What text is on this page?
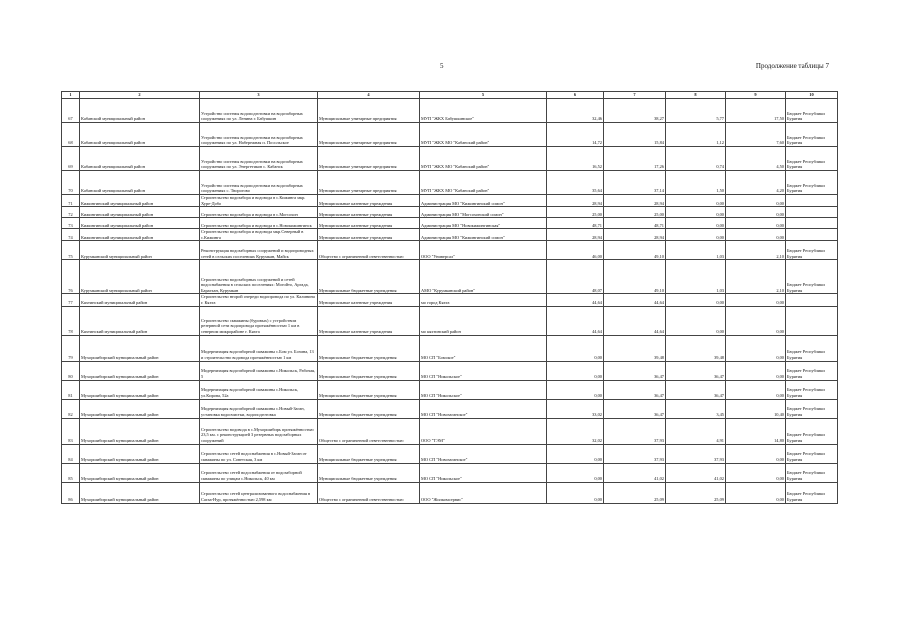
5	Продолжение таблицы 7
1	2	3	4	5	6	7	8	9	10
67	Кабанский муниципальный район	Устройство системы водоподготовки на водозаборных сооружениях по ул. Ленина г. Бабушкин	Муниципальные унитарные предприятия	МУП "ЖКХ Бабушкинское"	32,46	38,27	5,77	17,50	Бюджет Республики Бурятия
68	Кабанский муниципальный район	Устройство системы водоподготовки на водозаборных сооружениях по ул. Набережная п. Посольское	Муниципальные унитарные предприятия	МУП "ЖКХ МО "Кабанский район"	14,72	15,84	1,12	7,60	Бюджет Республики Бурятия
69	Кабанский муниципальный район	Устройство системы водоподготовки на водозаборных сооружениях по ул. Энергетиков с. Кабанск	Муниципальные унитарные предприятия	МУП "ЖКХ МО "Кабанский район"	16,52	17,26	0,74	4,50	Бюджет Республики Бурятия
70	Кабанский муниципальный район	Устройство системы водоподготовки на водозаборных сооружениях с. Творогово	Муниципальные унитарные предприятия	МУП "ЖКХ МО "Кабанский район"	35,64	37,14	1,50	4,20	Бюджет Республики Бурятия
71	Кижингинский муниципальный район	Строительство водозабора и водовода в с.Кижинга мкр. Хуре-Добо	Муниципальные казенные учреждения	Администрация МО "Кижингинский сомон"	28,94	28,94	0,00	0,00	
72	Кижингинский муниципальный район	Строительство водозабора и водовода в с.Могсохон	Муниципальные казенные учреждения	Администрация МО "Могсохонский сомон"	25,00	25,00	0,00	0,00	
73	Кижингинский муниципальный район	Строительство водозабора и водовода в с.Новокижингинск	Муниципальные казенные учреждения	Администрация МО "Новокижингинская"	48,71	48,71	0,00	0,00	
74	Кижингинский муниципальный район	Строительство водозабора и водовода мкр.Северный в с.Кижинга	Муниципальные казенные учреждения	Администрация МО "Кижингинский сомон"	28,94	28,94	0,00	0,00	
75	Курумканский муниципальный район	Реконструкция водозаборных сооружений и водопроводных сетей в сельских поселениях Курумкан, Майск	Общество с ограниченной ответственностью	ООО "Универсал"	46,00	49,10	1,03	2,10	Бюджет Республики Бурятия
76	Курумканский муниципальный район	Строительство водозаборных сооружений и сетей водоснабжения в сельских поселениях: Могойто, Аргада, Барагхан, Курумкан	Муниципальные бюджетные учреждения	АМО "Курумканский район"	48,07	49,10	1,03	2,10	Бюджет Республики Бурятия
77	Кяхтинский муниципальный район	Строительство второй очереди водопровода по ул. Калинина г. Кяхта	Муниципальные казенные учреждения	мо город Кяхта	44,64	44,64	0,00	0,00	
78	Кяхтинский муниципальный район	Строительство скважины (буровых) с устройством резервной сети водопровода протяжённостью 1 км в северном микрорайоне г. Кяхта	Муниципальные казенные учреждения	мо кяхтинский район	44,64	44,64	0,00	0,00	
79	Мухоршибирский муниципальный район	Модернизация водозаборной скважины с.Бом ул. Бозина, 13 и строительство водовода протяжённостью 1 км	Муниципальные бюджетные учреждения	МО СП "Бомское"	0,00	39,48	39,48	0,00	Бюджет Республики Бурятия
80	Мухоршибирский муниципальный район	Модернизация водозаборной скважины с.Никольск, Рабочая, 5	Муниципальные бюджетные учреждения	МО СП "Никольское"	0,00	36,47	36,47	0,00	Бюджет Республики Бурятия
81	Мухоршибирский муниципальный район	Модернизация водозаборной скважины с.Никольск, ул.Кирова, 52а	Муниципальные бюджетные учреждения	МО СП "Никольское"	0,00	36,47	36,47	0,00	Бюджет Республики Бурятия
82	Мухоршибирский муниципальный район	Модернизация водозаборной скважины с.Новый-Заган, установка водоочистки, водоподготовка	Муниципальные бюджетные учреждения	МО СП "Новозаганское"	33,02	36,47	3,45	10,40	Бюджет Республики Бурятия
83	Мухоршибирский муниципальный район	Строительство водовода в с.Мухоршибирь протяжённостью 23,5 км. с реконструкцией 3 резервных водозаборных сооружений	Общество с ограниченной ответственностью	ООО "ТЭМ"	32,02	37,93	4,91	14,80	Бюджет Республики Бурятия
84	Мухоршибирский муниципальный район	Строительство сетей водоснабжения в с.Новый-Заган от скважины по ул. Советская, 3 км	Муниципальные бюджетные учреждения	МО СП "Новозаганское"	0,00	37,93	37,93	0,00	Бюджет Республики Бурятия
85	Мухоршибирский муниципальный район	Строительство сетей водоснабжения от водозаборной скважины по улицам с.Никольск, 40 км	Муниципальные бюджетные учреждения	МО СП "Никольское"	0,00	41,02	41,02	0,00	Бюджет Республики Бурятия
86	Мухоршибирский муниципальный район	Строительство сетей централизованного водоснабжения в Сагаа-Нур, протяжённостью 2,598 км	Общество с ограниченной ответственностью	ООО "Жилкомсервис"	0,00	25,09	25,09	0,00	Бюджет Республики Бурятия
